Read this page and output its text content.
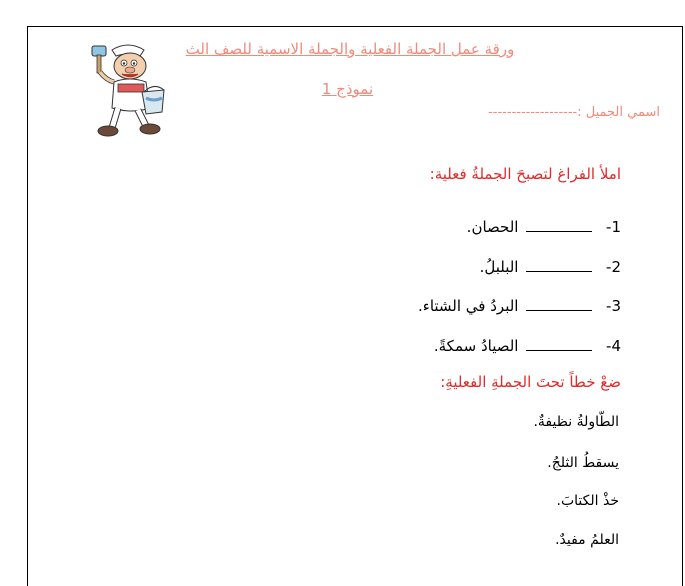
ورقة عمل الجملة الفعلية والجملة الاسمية للصف الث
نموذج 1
اسمي الجميل :-------------------
املأ الفراغ لتصبحَ الجملةُ فعلية:
1-  الحصان.
2-  البلبلُ.
3-  البردُ في الشتاء.
4-  الصيادُ سمكةً.
ضعْ خطاً تحتَ الجملةِ الفعليةِ:
الطّاولةُ نظيفةٌ.
يسقطُ الثلجُ.
خذْ الكتابَ.
العلمُ مفيدٌ.
